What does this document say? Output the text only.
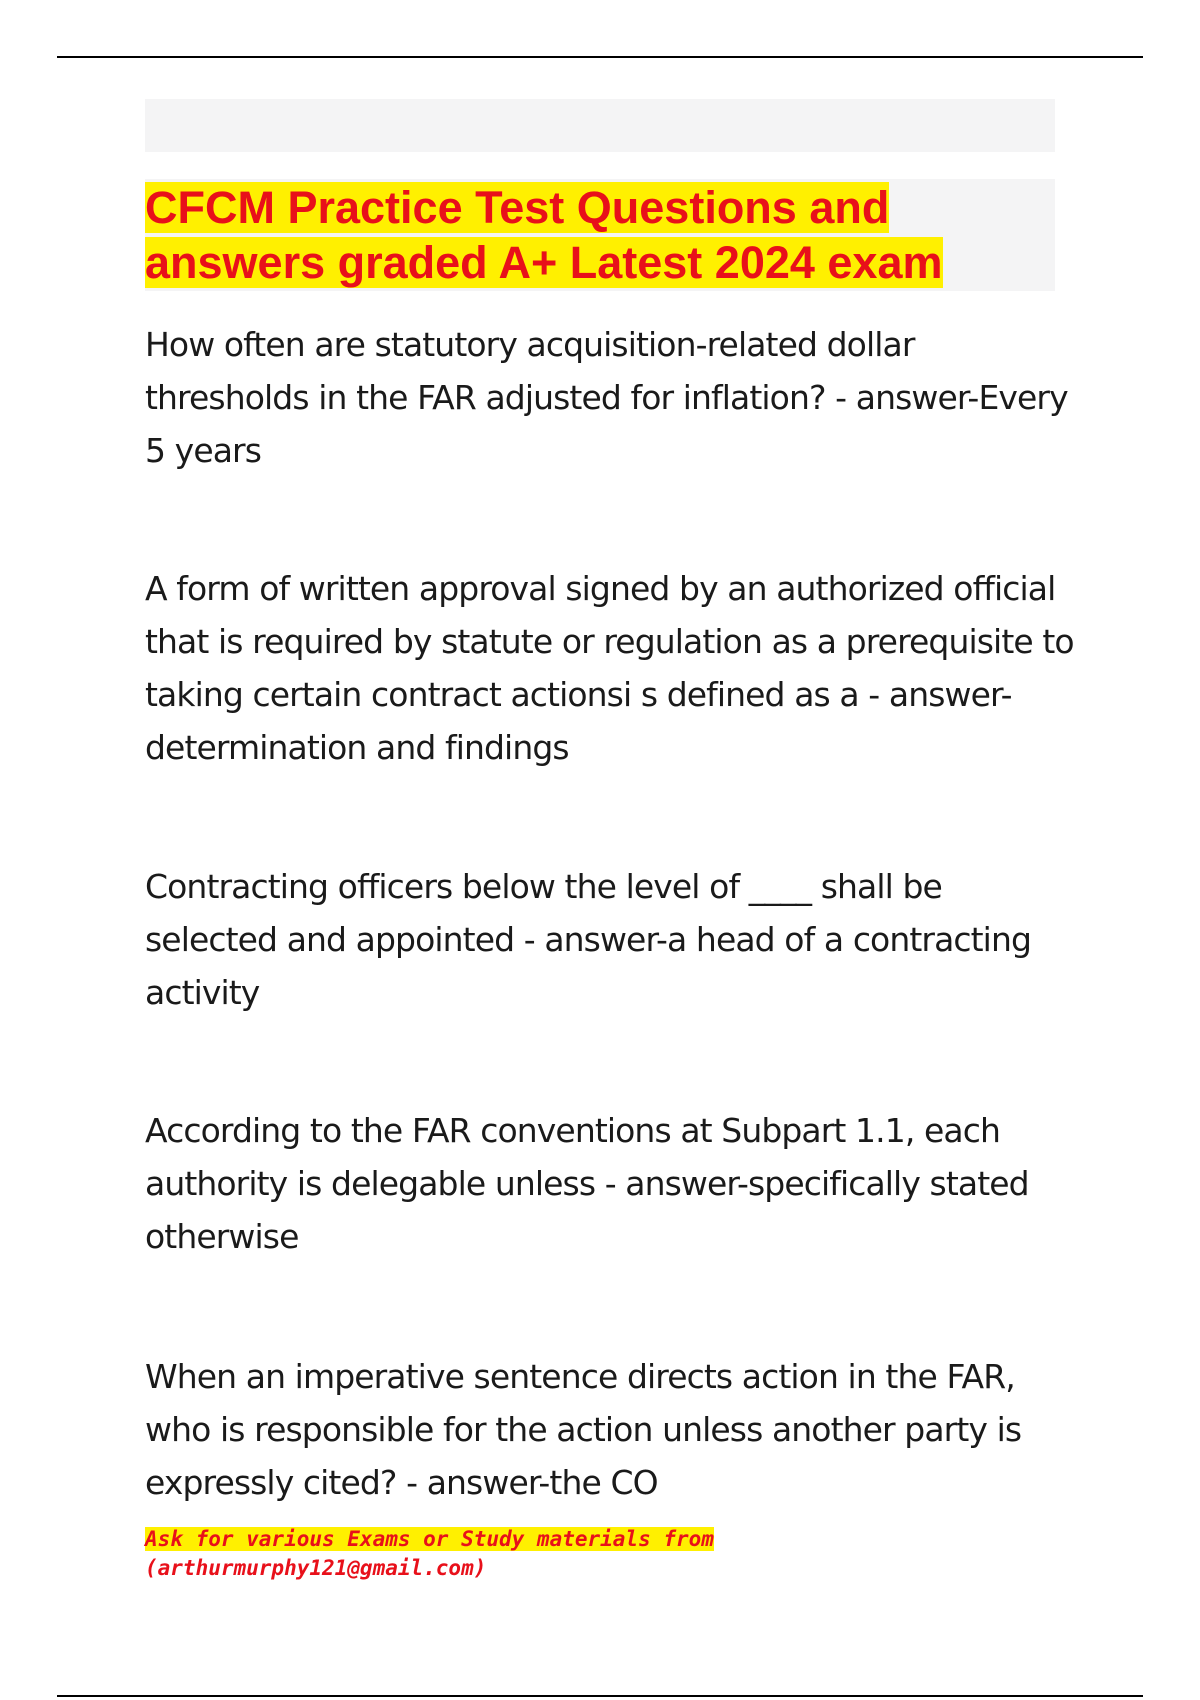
CFCM Practice Test Questions and
answers graded A+ Latest 2024 exam

How often are statutory acquisition-related dollar thresholds in the FAR adjusted for inflation? - answer-Every 5 years

A form of written approval signed by an authorized official that is required by statute or regulation as a prerequisite to taking certain contract actionsi s defined as a - answer-determination and findings

Contracting officers below the level of ____ shall be selected and appointed - answer-a head of a contracting activity

According to the FAR conventions at Subpart 1.1, each authority is delegable unless - answer-specifically stated otherwise

When an imperative sentence directs action in the FAR, who is responsible for the action unless another party is expressly cited? - answer-the CO

Ask for various Exams or Study materials from
(arthurmurphy121@gmail.com)
